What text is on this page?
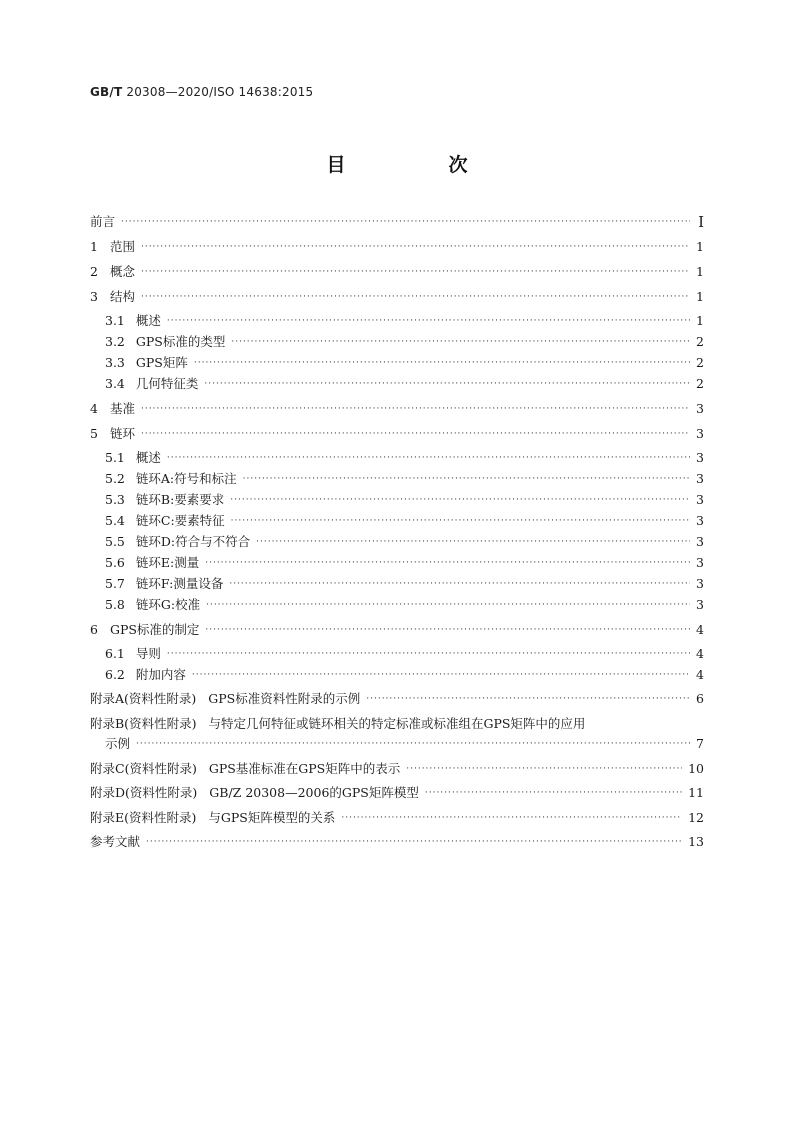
GB/T 20308—2020/ISO 14638:2015
目　次
前言 ·····	I
1 范围 ·····	1
2 概念 ·····	1
3 结构 ·····	1
3.1 概述 ·····	1
3.2 GPS标准的类型 ·····	2
3.3 GPS矩阵 ·····	2
3.4 几何特征类 ·····	2
4 基准 ·····	3
5 链环 ·····	3
5.1 概述 ·····	3
5.2 链环A:符号和标注 ·····	3
5.3 链环B:要素要求 ·····	3
5.4 链环C:要素特征 ·····	3
5.5 链环D:符合与不符合 ·····	3
5.6 链环E:测量 ·····	3
5.7 链环F:测量设备 ·····	3
5.8 链环G:校准 ·····	3
6 GPS标准的制定 ·····	4
6.1 导则 ·····	4
6.2 附加内容 ·····	4
附录A(资料性附录) GPS标准资料性附录的示例 ·····	6
附录B(资料性附录) 与特定几何特征或链环相关的特定标准或标准组在GPS矩阵中的应用
示例 ·····	7
附录C(资料性附录) GPS基准标准在GPS矩阵中的表示 ·····	10
附录D(资料性附录) GB/Z 20308—2006的GPS矩阵模型 ·····	11
附录E(资料性附录) 与GPS矩阵模型的关系 ·····	12
参考文献 ·····	13
